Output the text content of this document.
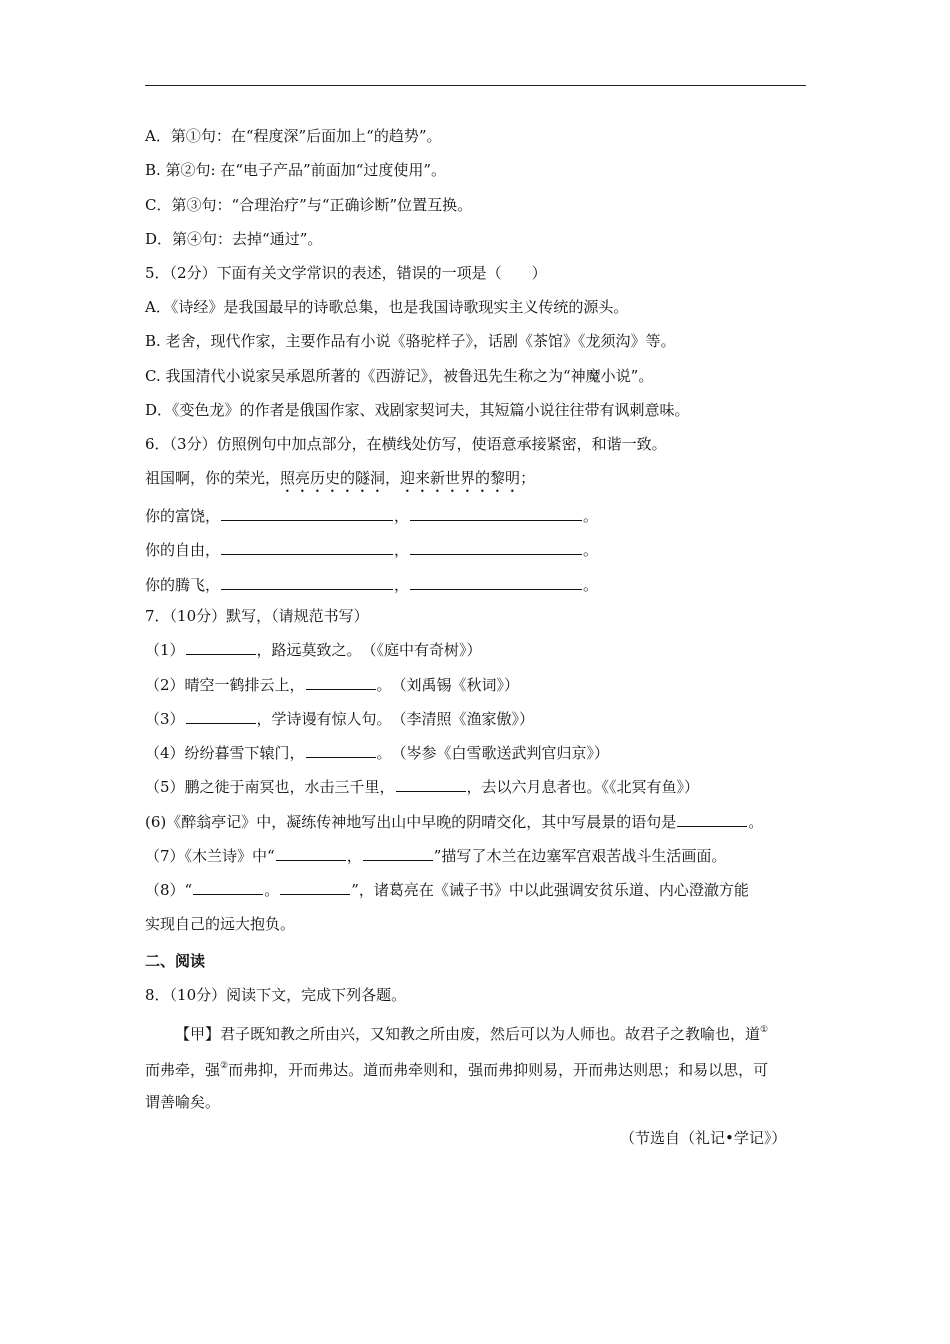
A．第①句：在“程度深”后面加上“的趋势”。
B. 第②句: 在“电子产品”前面加“过度使用”。
C．第③句：“合理治疗”与“正确诊断”位置互换。
D．第④句：去掉“通过”。
5．（2分）下面有关文学常识的表述，错误的一项是（　　）
A．《诗经》是我国最早的诗歌总集，也是我国诗歌现实主义传统的源头。
B. 老舍，现代作家，主要作品有小说《骆驼样子》，话剧《茶馆》《龙须沟》等。
C. 我国清代小说家吴承恩所著的《西游记》，被鲁迅先生称之为“神魔小说”。
D．《变色龙》的作者是俄国作家、戏剧家契诃夫，其短篇小说往往带有讽刺意味。
6．（3分）仿照例句中加点部分，在横线处仿写，使语意承接紧密，和谐一致。
祖国啊，你的荣光，照亮历史的隧洞，迎来新世界的黎明；
你的富饶，	，	。
你的自由，	，	。
你的腾飞，	，	。
7．（10分）默写，（请规范书写）
（1）	，路远莫致之。　（《庭中有奇树》）
（2）晴空一鹤排云上，	。　（刘禹锡《秋词》）
（3）	，学诗谩有惊人句。　（李清照《渔家傲》）
（4）纷纷暮雪下辕门，	。　（岑参《白雪歌送武判官归京》）
（5）鹏之徙于南冥也，水击三千里，	，去以六月息者也。《《北冥有鱼》）
(6)《醉翁亭记》中，凝练传神地写出山中早晚的阴晴交化，其中写晨景的语句是	。
（7）《木兰诗》中“	，	”描写了木兰在边塞军宫艰苦战斗生活画面。
（8）“	。	”，诸葛亮在《诫子书》中以此强调安贫乐道、内心澄澈方能
实现自己的远大抱负。
二、阅读
8．（10分）阅读下文，完成下列各题。
【甲】君子既知教之所由兴，又知教之所由废，然后可以为人师也。故君子之教喻也，道①
而弗牵，强②而弗抑，开而弗达。道而弗牵则和，强而弗抑则易，开而弗达则思；和易以思，可
谓善喻矣。
（节选自（礼记•学记》）
